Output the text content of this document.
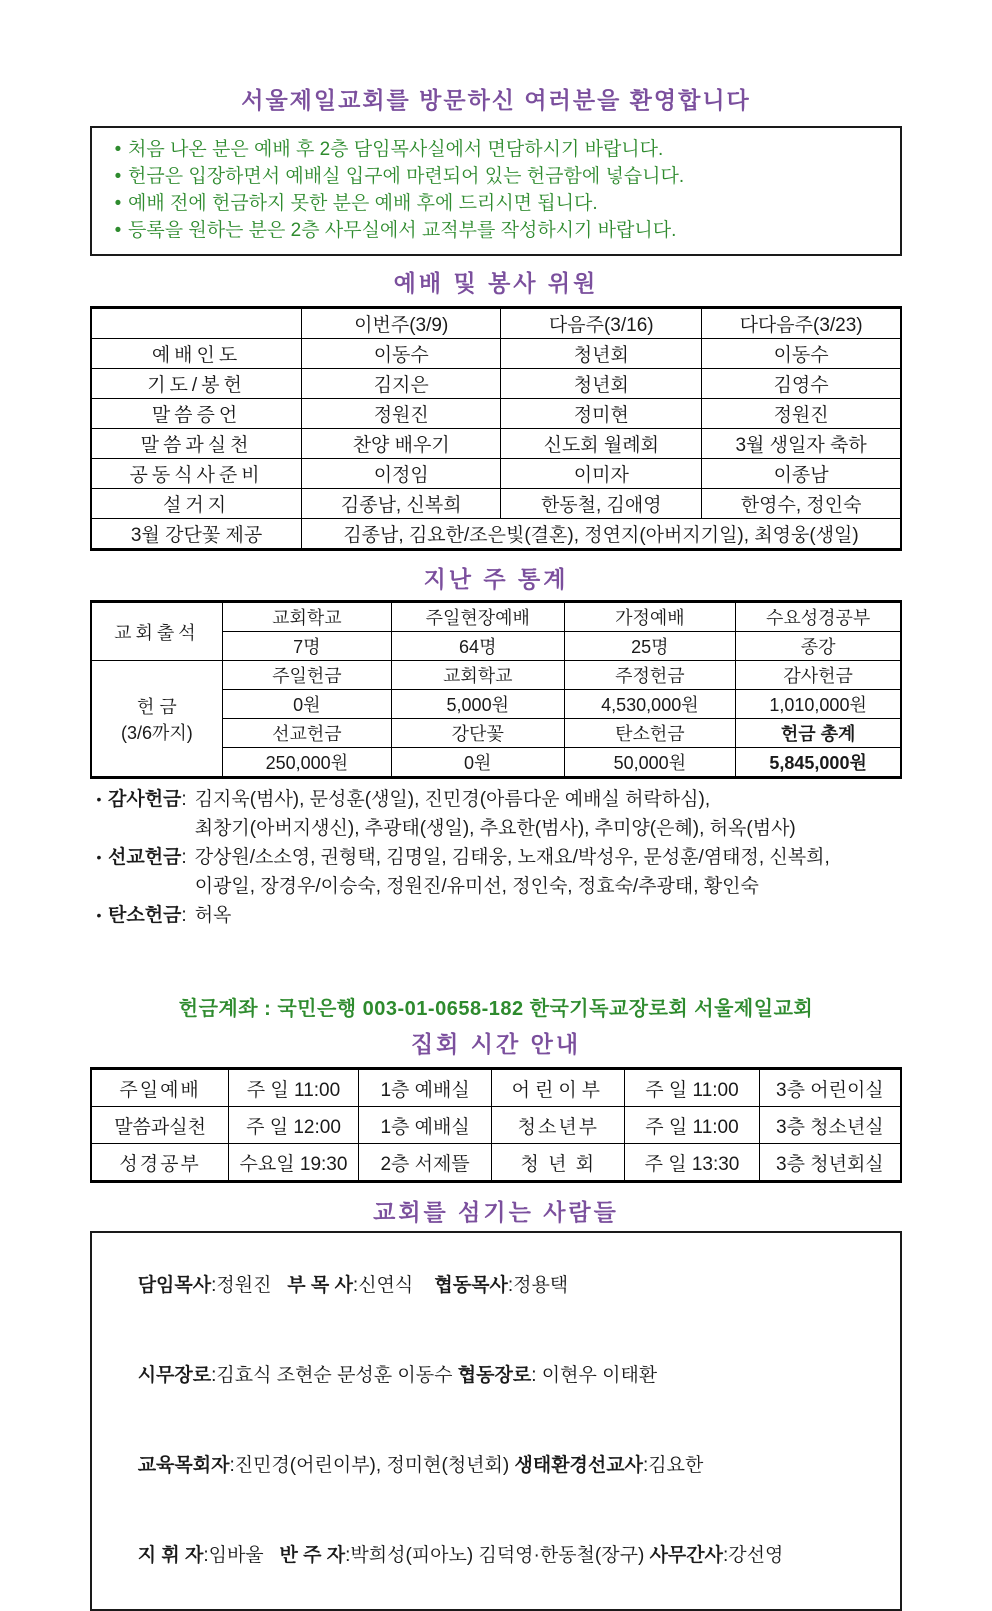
서울제일교회를 방문하신 여러분을 환영합니다
• 처음 나온 분은 예배 후 2층 담임목사실에서 면담하시기 바랍니다.
• 헌금은 입장하면서 예배실 입구에 마련되어 있는 헌금함에 넣습니다.
• 예배 전에 헌금하지 못한 분은 예배 후에 드리시면 됩니다.
• 등록을 원하는 분은 2층 사무실에서 교적부를 작성하시기 바랍니다.
예배 및 봉사 위원
	이번주(3/9)	다음주(3/16)	다다음주(3/23)
예배인도	이동수	청년회	이동수
기도/봉헌	김지은	청년회	김영수
말씀증언	정원진	정미현	정원진
말씀과실천	찬양 배우기	신도회 월례회	3월 생일자 축하
공동식사준비	이정임	이미자	이종남
설거지	김종남, 신복희	한동철, 김애영	한영수, 정인숙
3월 강단꽃 제공	김종남, 김요한/조은빛(결혼), 정연지(아버지기일), 최영웅(생일)		
지난 주 통계
교회출석	교회학교	주일현장예배	가정예배	수요성경공부
	7명	64명	25명	종강

헌 금
(3/6까지)	주일헌금	교회학교	주정헌금	감사헌금
	0원	5,000원	4,530,000원	1,010,000원
	선교헌금	강단꽃	탄소헌금	헌금 총계
	250,000원	0원	50,000원	5,845,000원
• 감사헌금 : 김지욱(범사), 문성훈(생일), 진민경(아름다운 예배실 허락하심),
최창기(아버지생신), 추광태(생일), 추요한(범사), 추미양(은혜), 허옥(범사)
• 선교헌금 : 강상원/소소영, 권형택, 김명일, 김태웅, 노재요/박성우, 문성훈/염태정, 신복희,
이광일, 장경우/이승숙, 정원진/유미선, 정인숙, 정효숙/추광태, 황인숙
• 탄소헌금 : 허옥
헌금계좌 : 국민은행 003-01-0658-182 한국기독교장로회 서울제일교회
집회 시간 안내
주일예배	주 일 11:00	1층 예배실	어린이부	주 일 11:00	3층 어린이실
말씀과실천	주 일 12:00	1층 예배실	청소년부	주 일 11:00	3층 청소년실
성경공부	수요일 19:30	2층 서제뜰	청 년 회	주 일 13:30	3층 청년회실
교회를 섬기는 사람들

담임목사:정원진   부 목 사:신연식    협동목사:정용택

시무장로:김효식 조현순 문성훈 이동수 협동장로: 이현우 이태환

교육목회자:진민경(어린이부), 정미현(청년회) 생태환경선교사:김요한

지 휘 자:임바울   반 주 자:박희성(피아노) 김덕영·한동철(장구) 사무간사:강선영
